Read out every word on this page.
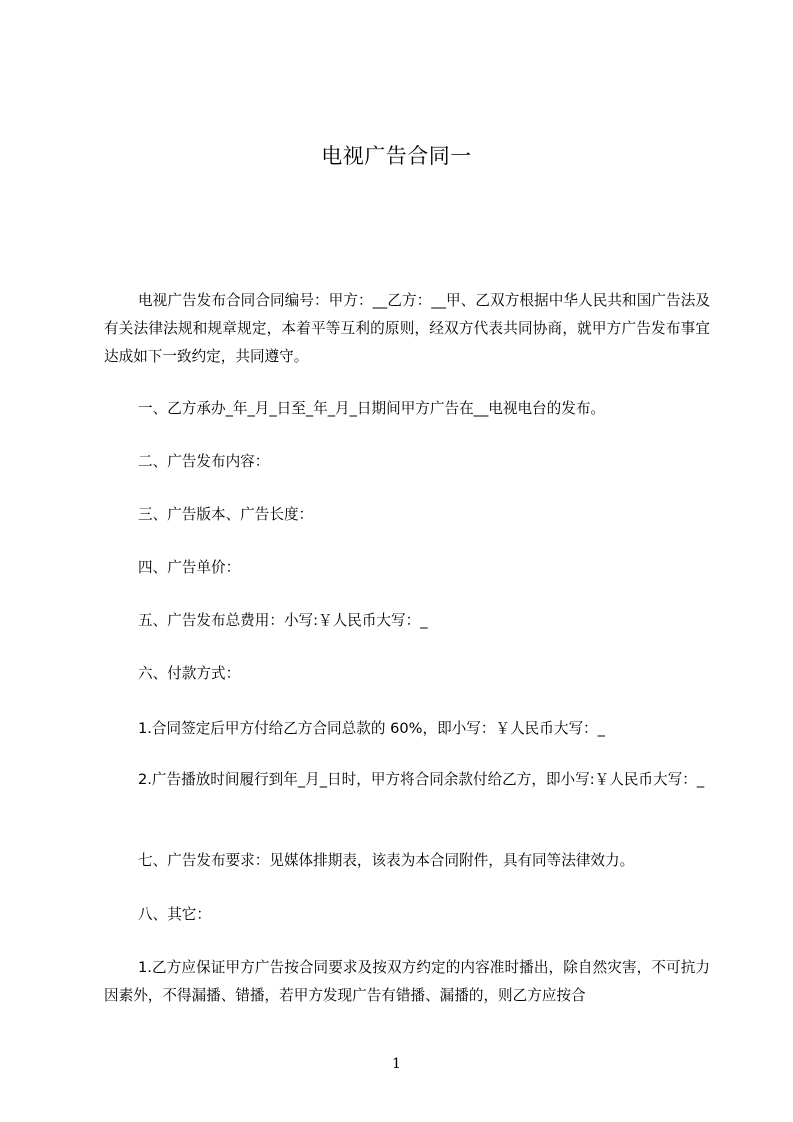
电视广告合同一
电视广告发布合同合同编号：甲方：__乙方：__甲、乙双方根据中华人民共和国广告法及有关法律法规和规章规定，本着平等互利的原则，经双方代表共同协商，就甲方广告发布事宜达成如下一致约定，共同遵守。
一、乙方承办_年_月_日至_年_月_日期间甲方广告在__电视电台的发布。
二、广告发布内容：
三、广告版本、广告长度：
四、广告单价：
五、广告发布总费用：小写:￥人民币大写：_
六、付款方式：
1.合同签定后甲方付给乙方合同总款的 60%，即小写：￥人民币大写：_
2.广告播放时间履行到年_月_日时，甲方将合同余款付给乙方，即小写:￥人民币大写：_
七、广告发布要求：见媒体排期表，该表为本合同附件，具有同等法律效力。
八、其它：
1.乙方应保证甲方广告按合同要求及按双方约定的内容准时播出，除自然灾害，不可抗力因素外，不得漏播、错播，若甲方发现广告有错播、漏播的，则乙方应按合
1
